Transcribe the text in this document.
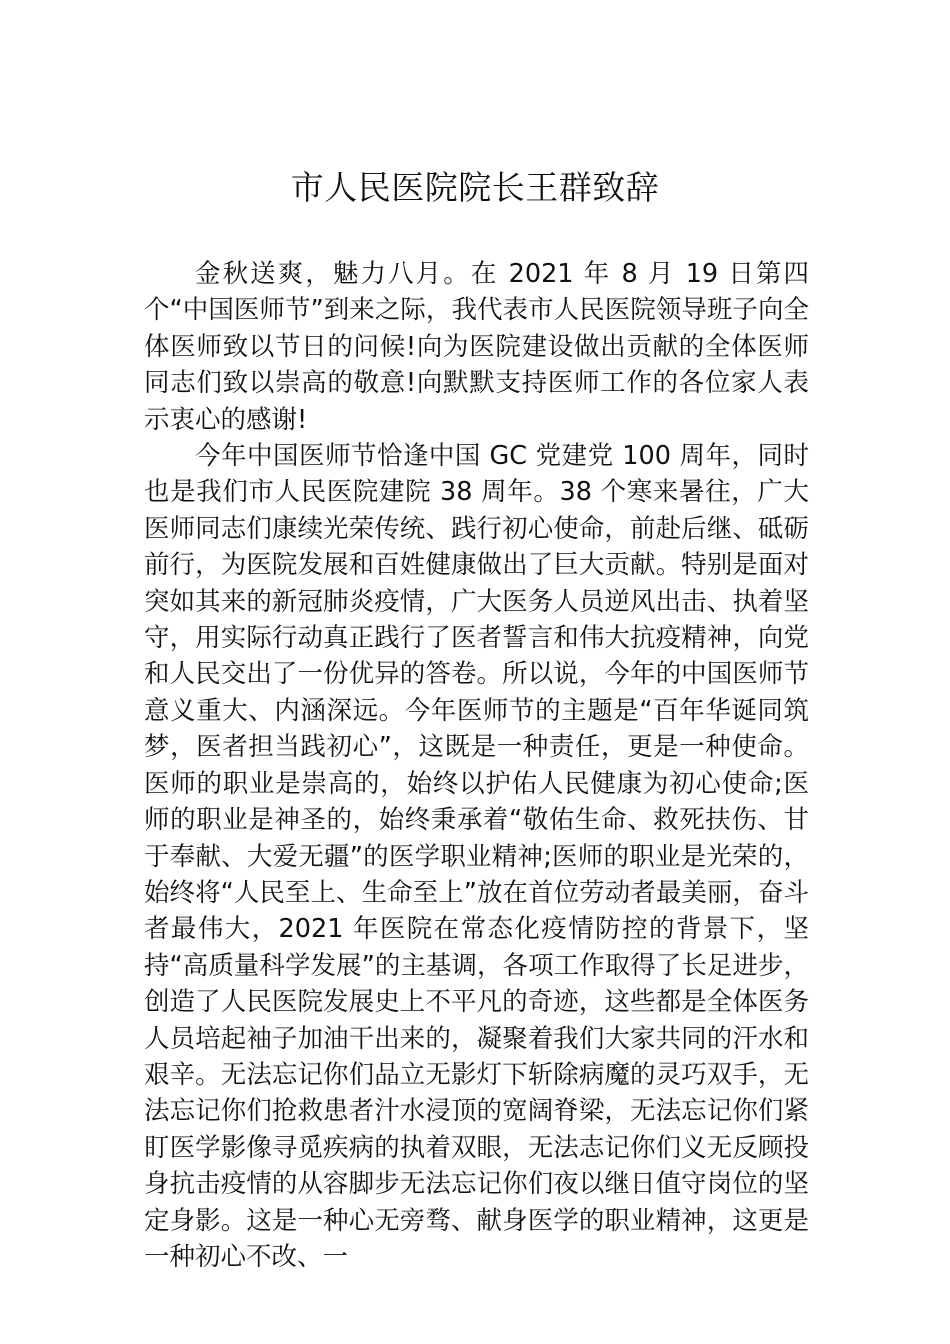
市人民医院院长王群致辞

金秋送爽，魅力八月。在 2021 年 8 月 19 日第四个“中国医师节”到来之际，我代表市人民医院领导班子向全体医师致以节日的问候!向为医院建设做出贡献的全体医师同志们致以崇高的敬意!向默默支持医师工作的各位家人表示衷心的感谢!

今年中国医师节恰逢中国 GC 党建党 100 周年，同时也是我们市人民医院建院 38 周年。38 个寒来暑往，广大医师同志们康续光荣传统、践行初心使命，前赴后继、砥砺前行，为医院发展和百姓健康做出了巨大贡献。特别是面对突如其来的新冠肺炎疫情，广大医务人员逆风出击、执着坚守，用实际行动真正践行了医者誓言和伟大抗疫精神，向党和人民交出了一份优异的答卷。所以说，今年的中国医师节意义重大、内涵深远。今年医师节的主题是“百年华诞同筑梦，医者担当践初心”，这既是一种责任，更是一种使命。医师的职业是崇高的，始终以护佑人民健康为初心使命;医师的职业是神圣的，始终秉承着“敬佑生命、救死扶伤、甘于奉献、大爱无疆”的医学职业精神;医师的职业是光荣的，始终将“人民至上、生命至上”放在首位劳动者最美丽，奋斗者最伟大，2021 年医院在常态化疫情防控的背景下，坚持“高质量科学发展”的主基调，各项工作取得了长足进步，创造了人民医院发展史上不平凡的奇迹，这些都是全体医务人员培起袖子加油干出来的，凝聚着我们大家共同的汗水和艰辛。无法忘记你们品立无影灯下斩除病魔的灵巧双手，无法忘记你们抢救患者汁水浸顶的宽阔脊梁，无法忘记你们紧盯医学影像寻觅疾病的执着双眼，无法志记你们义无反顾投身抗击疫情的从容脚步无法忘记你们夜以继日值守岗位的坚定身影。这是一种心无旁骛、献身医学的职业精神，这更是一种初心不改、一
